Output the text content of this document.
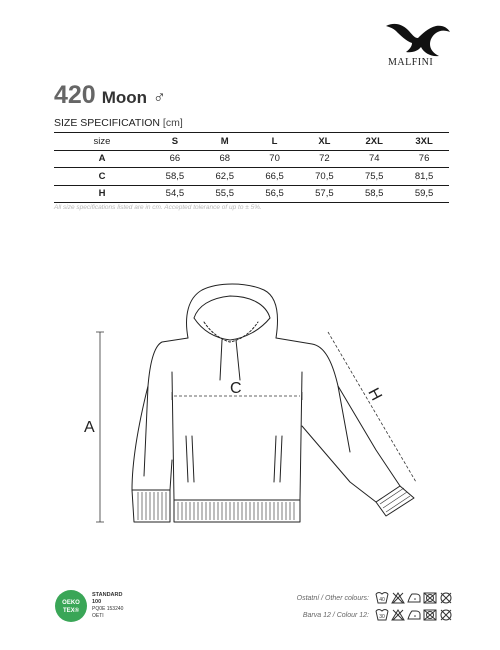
MALFINI
420 Moon ♂
SIZE SPECIFICATION [cm]
size	S	M	L	XL	2XL	3XL
A	66	68	70	72	74	76
C	58,5	62,5	66,5	70,5	75,5	81,5
H	54,5	55,5	56,5	57,5	58,5	59,5
All size specifications listed are in cm. Accepted tolerance of up to ± 5%.
A
C	H
OEKO
TEX®
STANDARD
100
PQ0E 153240
OETI
Ostatní / Other colours: 40
Barva 12 / Colour 12: 30
